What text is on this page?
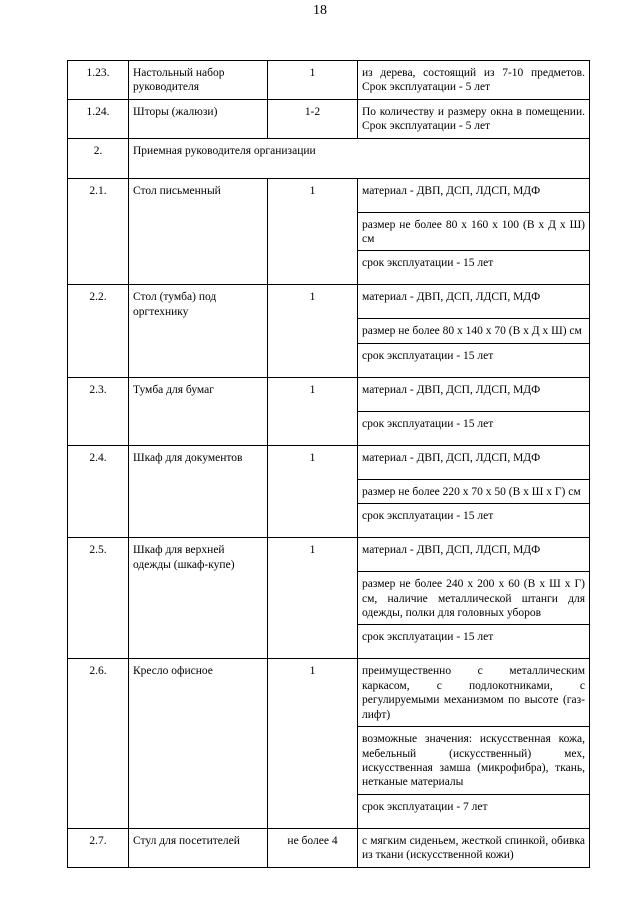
18
1.23.	Настольный набор руководителя	1	из дерева, состоящий из 7-10 предметов. Срок эксплуатации - 5 лет
1.24.	Шторы (жалюзи)	1-2	По количеству и размеру окна в помещении. Срок эксплуатации - 5 лет
2.	Приемная руководителя организации		
2.1.	Стол письменный	1	материал - ДВП, ДСП, ЛДСП, МДФ
			размер не более 80 x 160 x 100 (В x Д x Ш) см
			срок эксплуатации - 15 лет
2.2.	Стол (тумба) под оргтехнику	1	материал - ДВП, ДСП, ЛДСП, МДФ
			размер не более 80 x 140 x 70 (В x Д x Ш) см
			срок эксплуатации - 15 лет
2.3.	Тумба для бумаг	1	материал - ДВП, ДСП, ЛДСП, МДФ
			срок эксплуатации - 15 лет
2.4.	Шкаф для документов	1	материал - ДВП, ДСП, ЛДСП, МДФ
			размер не более 220 x 70 x 50 (В x Ш x Г) см
			срок эксплуатации - 15 лет
2.5.	Шкаф для верхней одежды (шкаф-купе)	1	материал - ДВП, ДСП, ЛДСП, МДФ
			размер не более 240 x 200 x 60 (В x Ш x Г) см, наличие металлической штанги для одежды, полки для головных уборов
			срок эксплуатации - 15 лет
2.6.	Кресло офисное	1	преимущественно с металлическим каркасом, с подлокотниками, с регулируемыми механизмом по высоте (газ-лифт)
			возможные значения: искусственная кожа, мебельный (искусственный) мех, искусственная замша (микрофибра), ткань, нетканые материалы
			срок эксплуатации - 7 лет
2.7.	Стул для посетителей	не более 4	с мягким сиденьем, жесткой спинкой, обивка из ткани (искусственной кожи)
